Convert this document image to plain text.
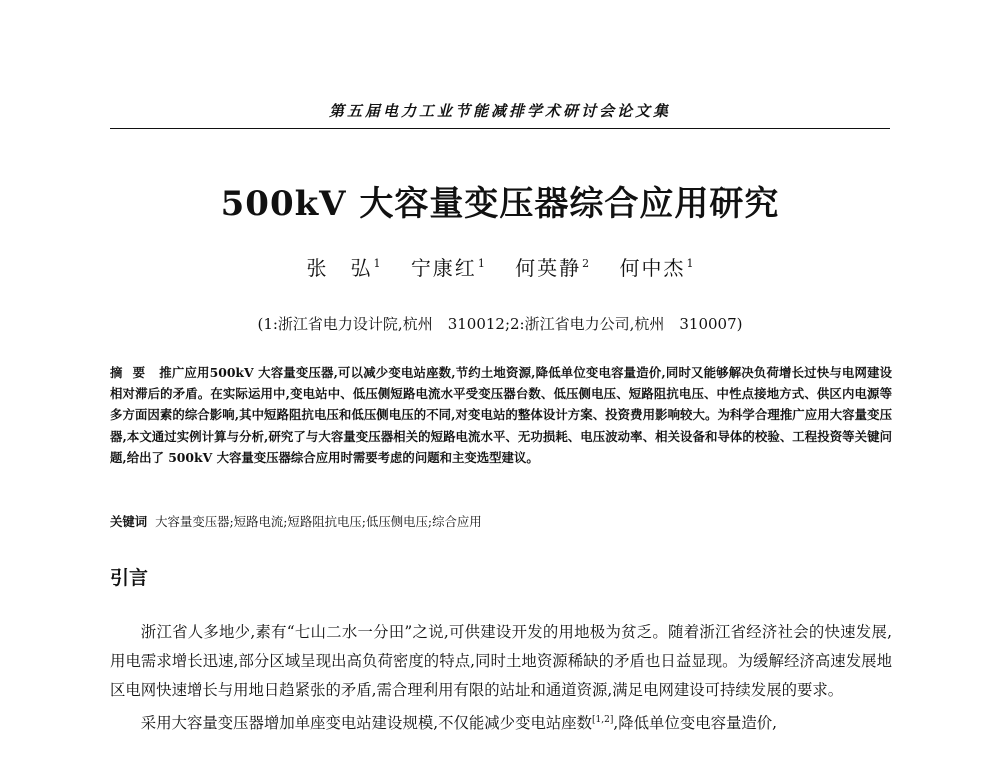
第五届电力工业节能减排学术研讨会论文集
500kV 大容量变压器综合应用研究
张　弘$^1$ 宁康红$^1$ 何英静$^2$ 何中杰$^1$
(1:浙江省电力设计院,杭州　310012;2:浙江省电力公司,杭州　310007)

摘要 推广应用500kV 大容量变压器,可以减少变电站座数,节约土地资源,降低单位变电容量造价,同时又能够解决负荷增长过快与电网建设相对滞后的矛盾。在实际运用中,变电站中、低压侧短路电流水平受变压器台数、低压侧电压、短路阻抗电压、中性点接地方式、供区内电源等多方面因素的综合影响,其中短路阻抗电压和低压侧电压的不同,对变电站的整体设计方案、投资费用影响较大。为科学合理推广应用大容量变压器,本文通过实例计算与分析,研究了与大容量变压器相关的短路电流水平、无功损耗、电压波动率、相关设备和导体的校验、工程投资等关键问题,给出了 500kV 大容量变压器综合应用时需要考虑的问题和主变选型建议。

关键词 大容量变压器;短路电流;短路阻抗电压;低压侧电压;综合应用

引言

浙江省人多地少,素有“七山二水一分田”之说,可供建设开发的用地极为贫乏。随着浙江省经济社会的快速发展,用电需求增长迅速,部分区域呈现出高负荷密度的特点,同时土地资源稀缺的矛盾也日益显现。为缓解经济高速发展地区电网快速增长与用地日趋紧张的矛盾,需合理利用有限的站址和通道资源,满足电网建设可持续发展的要求。

采用大容量变压器增加单座变电站建设规模,不仅能减少变电站座数[1,2],降低单位变电容量造价,
